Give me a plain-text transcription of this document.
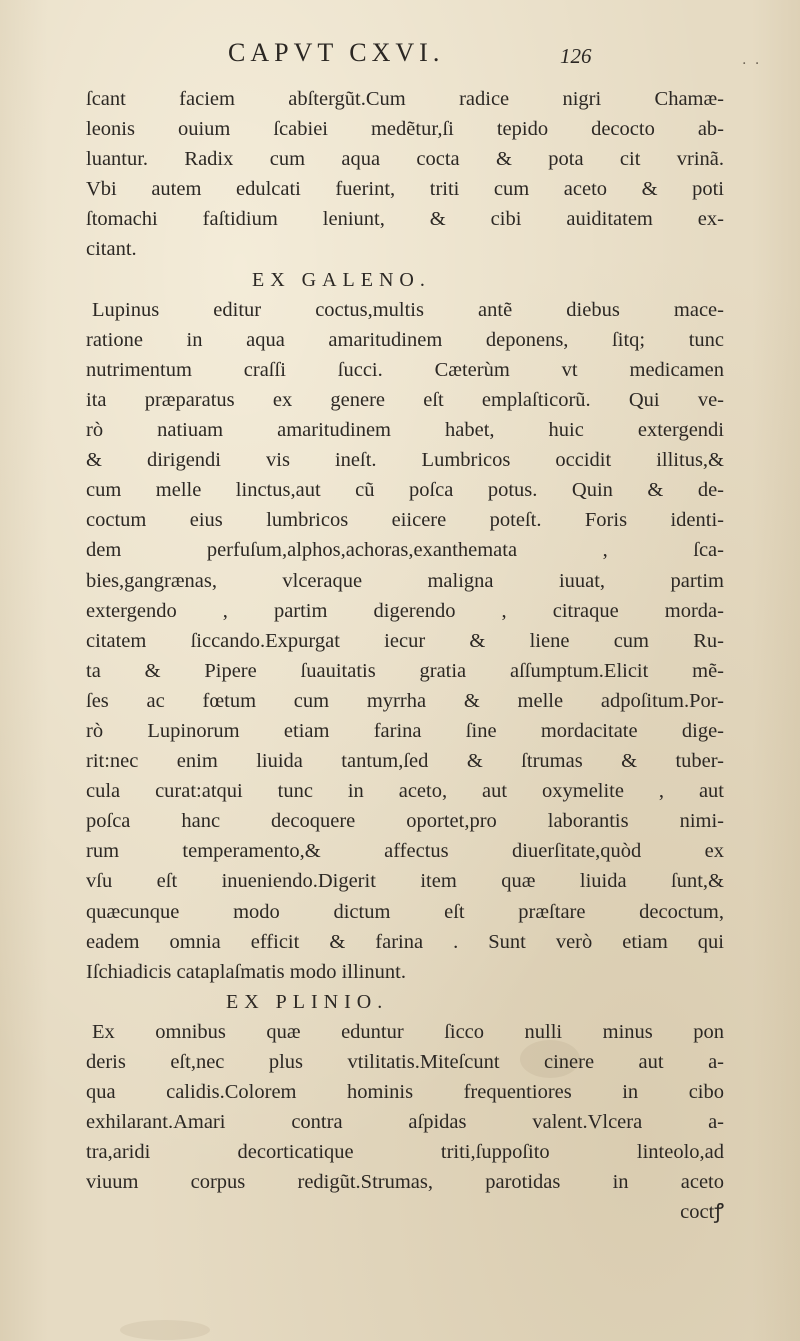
CAPVT CXVI.	126	. .
ſcant faciem abſtergũt.Cum radice nigri Chamæ-
leonis ouium ſcabiei medẽtur,ſi tepido decocto ab-
luantur. Radix cum aqua cocta & pota cit vrinã.
Vbi autem edulcati fuerint, triti cum aceto & poti
ſtomachi faſtidium leniunt, & cibi auiditatem ex-
citant.
EX GALENO.
Lupinus editur coctus,multis antẽ diebus mace-
ratione in aqua amaritudinem deponens, ſitq; tunc
nutrimentum craſſi ſucci. Cæterùm vt medicamen
ita præparatus ex genere eſt emplaſticorũ. Qui ve-
rò natiuam amaritudinem habet, huic extergendi
& dirigendi vis ineſt. Lumbricos occidit illitus,&
cum melle linctus,aut cũ poſca potus. Quin & de-
coctum eius lumbricos eiicere poteſt. Foris identi-
dem perfuſum,alphos,achoras,exanthemata , ſca-
bies,gangrænas, vlceraque maligna iuuat, partim
extergendo , partim digerendo , citraque morda-
citatem ſiccando.Expurgat iecur & liene cum Ru-
ta & Pipere ſuauitatis gratia aſſumptum.Elicit mẽ-
ſes ac fœtum cum myrrha & melle adpoſitum.Por-
rò Lupinorum etiam farina ſine mordacitate dige-
rit:nec enim liuida tantum,ſed & ſtrumas & tuber-
cula curat:atqui tunc in aceto, aut oxymelite , aut
poſca hanc decoquere oportet,pro laborantis nimi-
rum temperamento,& affectus diuerſitate,quòd ex
vſu eſt inueniendo.Digerit item quæ liuida ſunt,&
quæcunque modo dictum eſt præſtare decoctum,
eadem omnia efficit & farina . Sunt verò etiam qui
Iſchiadicis cataplaſmatis modo illinunt.
EX PLINIO.
Ex omnibus quæ eduntur ſicco nulli minus pon
deris eſt,nec plus vtilitatis.Miteſcunt cinere aut a-
qua calidis.Colorem hominis frequentiores in cibo
exhilarant.Amari contra aſpidas valent.Vlcera a-
tra,aridi decorticatique triti,ſuppoſito linteolo,ad
viuum corpus redigũt.Strumas, parotidas in aceto
coctꝭ
